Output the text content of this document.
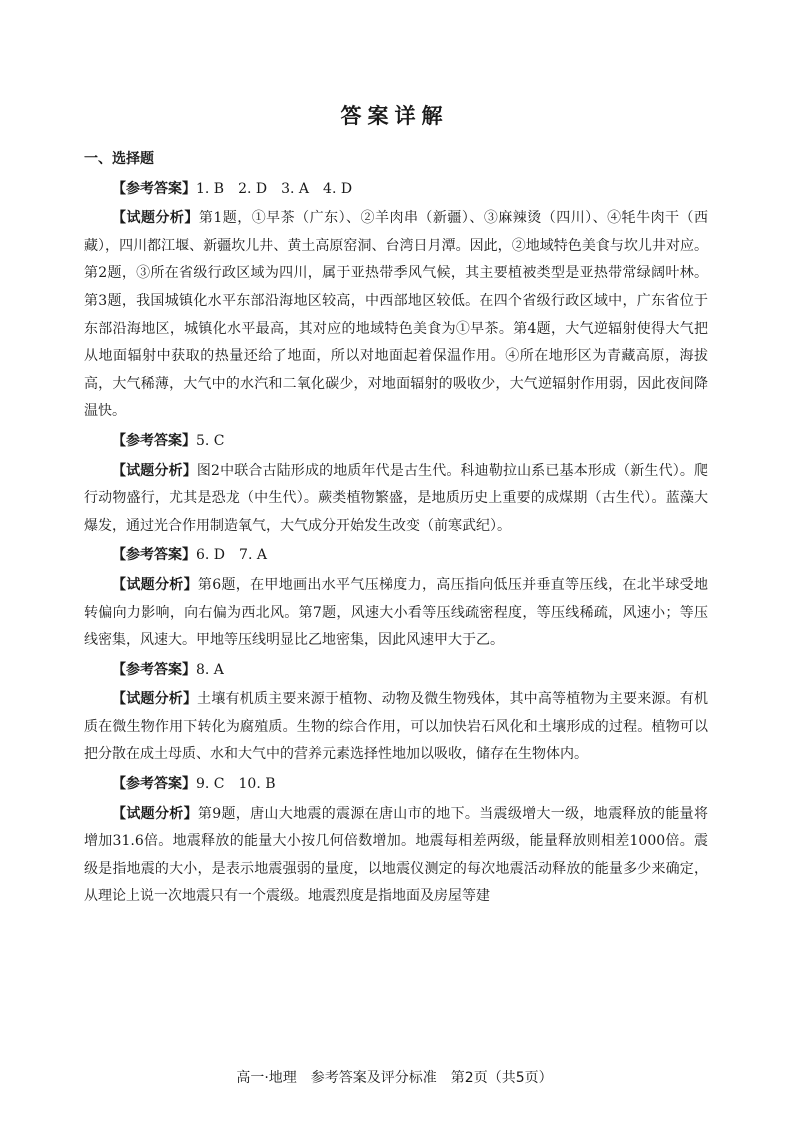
答案详解
一、选择题
【参考答案】1. B　2. D　3. A　4. D
【试题分析】第1题，①早茶（广东）、②羊肉串（新疆）、③麻辣烫（四川）、④牦牛肉干（西藏），四川都江堰、新疆坎儿井、黄土高原窑洞、台湾日月潭。因此，②地域特色美食与坎儿井对应。第2题，③所在省级行政区域为四川，属于亚热带季风气候，其主要植被类型是亚热带常绿阔叶林。第3题，我国城镇化水平东部沿海地区较高，中西部地区较低。在四个省级行政区域中，广东省位于东部沿海地区，城镇化水平最高，其对应的地域特色美食为①早茶。第4题，大气逆辐射使得大气把从地面辐射中获取的热量还给了地面，所以对地面起着保温作用。④所在地形区为青藏高原，海拔高，大气稀薄，大气中的水汽和二氧化碳少，对地面辐射的吸收少，大气逆辐射作用弱，因此夜间降温快。
【参考答案】5. C
【试题分析】图2中联合古陆形成的地质年代是古生代。科迪勒拉山系已基本形成（新生代）。爬行动物盛行，尤其是恐龙（中生代）。蕨类植物繁盛，是地质历史上重要的成煤期（古生代）。蓝藻大爆发，通过光合作用制造氧气，大气成分开始发生改变（前寒武纪）。
【参考答案】6. D　7. A
【试题分析】第6题，在甲地画出水平气压梯度力，高压指向低压并垂直等压线，在北半球受地转偏向力影响，向右偏为西北风。第7题，风速大小看等压线疏密程度，等压线稀疏，风速小；等压线密集，风速大。甲地等压线明显比乙地密集，因此风速甲大于乙。
【参考答案】8. A
【试题分析】土壤有机质主要来源于植物、动物及微生物残体，其中高等植物为主要来源。有机质在微生物作用下转化为腐殖质。生物的综合作用，可以加快岩石风化和土壤形成的过程。植物可以把分散在成土母质、水和大气中的营养元素选择性地加以吸收，储存在生物体内。
【参考答案】9. C　10. B
【试题分析】第9题，唐山大地震的震源在唐山市的地下。当震级增大一级，地震释放的能量将增加31.6倍。地震释放的能量大小按几何倍数增加。地震每相差两级，能量释放则相差1000倍。震级是指地震的大小，是表示地震强弱的量度，以地震仪测定的每次地震活动释放的能量多少来确定，从理论上说一次地震只有一个震级。地震烈度是指地面及房屋等建
高一·地理　参考答案及评分标准　第2页（共5页）
